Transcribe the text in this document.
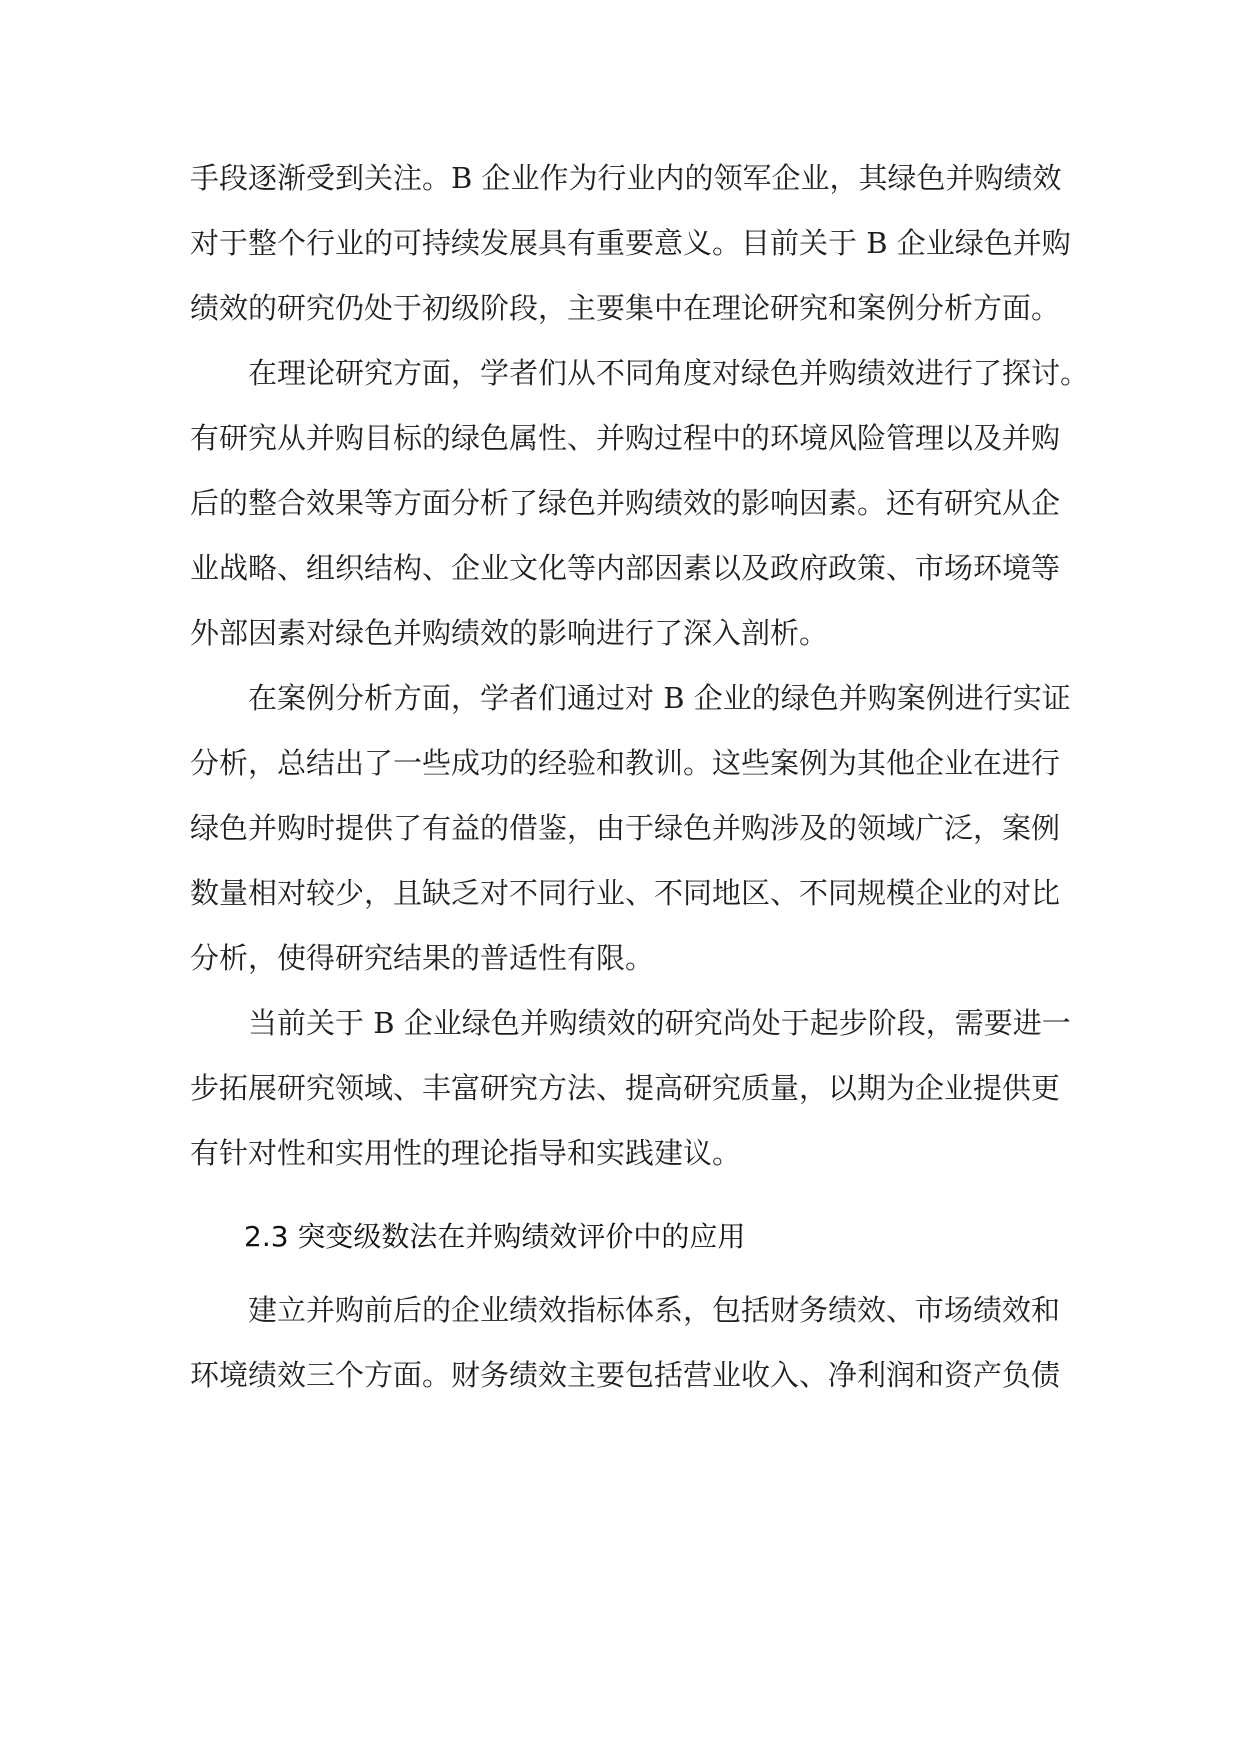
手段逐渐受到关注。B 企业作为行业内的领军企业，其绿色并购绩效
对于整个行业的可持续发展具有重要意义。目前关于 B 企业绿色并购
绩效的研究仍处于初级阶段，主要集中在理论研究和案例分析方面。
在理论研究方面，学者们从不同角度对绿色并购绩效进行了探讨。
有研究从并购目标的绿色属性、并购过程中的环境风险管理以及并购
后的整合效果等方面分析了绿色并购绩效的影响因素。还有研究从企
业战略、组织结构、企业文化等内部因素以及政府政策、市场环境等
外部因素对绿色并购绩效的影响进行了深入剖析。
在案例分析方面，学者们通过对 B 企业的绿色并购案例进行实证
分析，总结出了一些成功的经验和教训。这些案例为其他企业在进行
绿色并购时提供了有益的借鉴，由于绿色并购涉及的领域广泛，案例
数量相对较少，且缺乏对不同行业、不同地区、不同规模企业的对比
分析，使得研究结果的普适性有限。
当前关于 B 企业绿色并购绩效的研究尚处于起步阶段，需要进一
步拓展研究领域、丰富研究方法、提高研究质量，以期为企业提供更
有针对性和实用性的理论指导和实践建议。
2.3 突变级数法在并购绩效评价中的应用
建立并购前后的企业绩效指标体系，包括财务绩效、市场绩效和
环境绩效三个方面。财务绩效主要包括营业收入、净利润和资产负债
